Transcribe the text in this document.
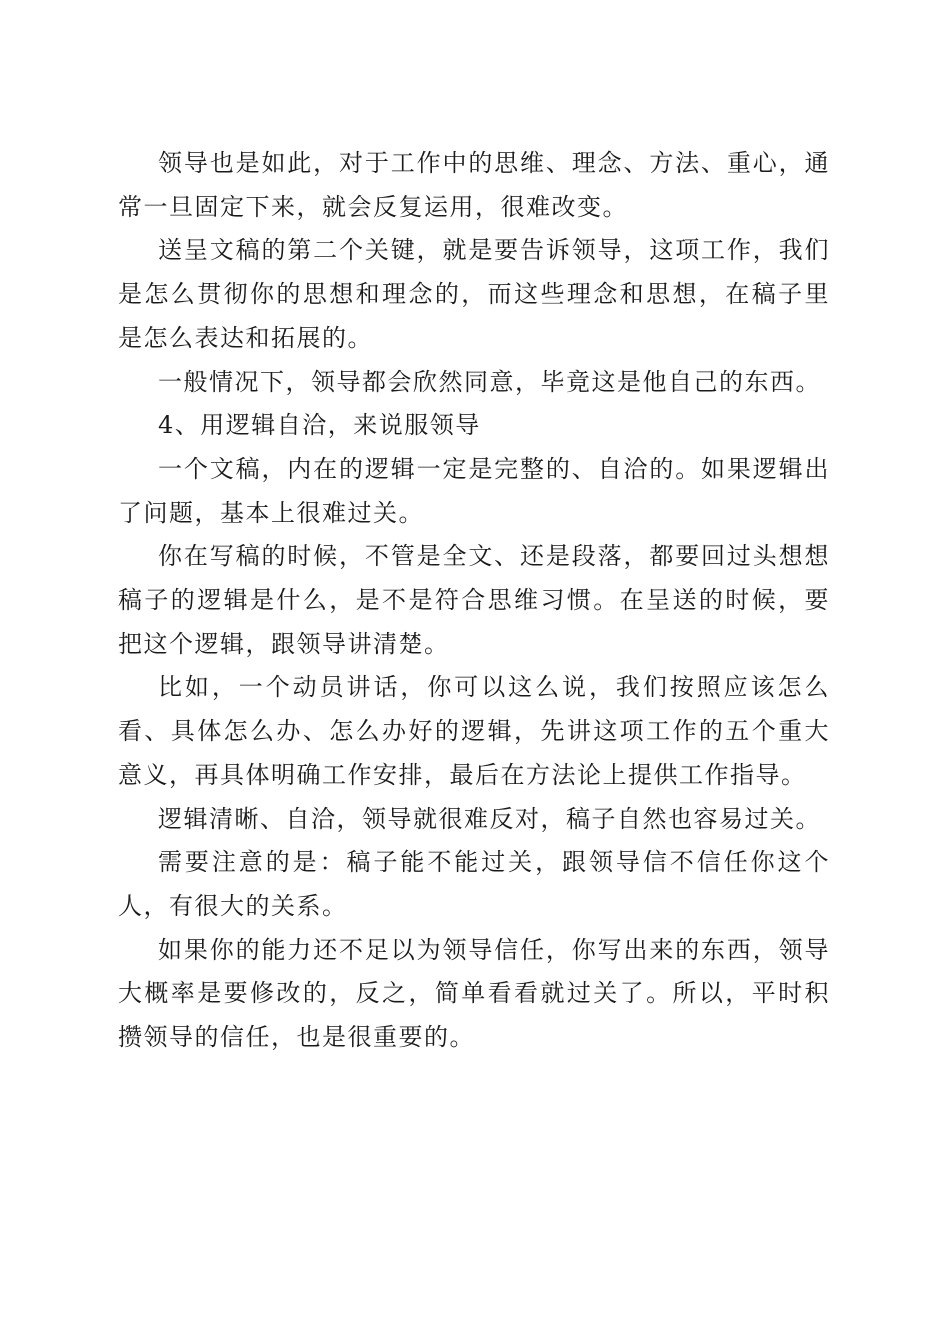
领导也是如此，对于工作中的思维、理念、方法、重心，通常一旦固定下来，就会反复运用，很难改变。

送呈文稿的第二个关键，就是要告诉领导，这项工作，我们是怎么贯彻你的思想和理念的，而这些理念和思想，在稿子里是怎么表达和拓展的。

一般情况下，领导都会欣然同意，毕竟这是他自己的东西。

4、用逻辑自洽，来说服领导

一个文稿，内在的逻辑一定是完整的、自洽的。如果逻辑出了问题，基本上很难过关。

你在写稿的时候，不管是全文、还是段落，都要回过头想想稿子的逻辑是什么，是不是符合思维习惯。在呈送的时候，要把这个逻辑，跟领导讲清楚。

比如，一个动员讲话，你可以这么说，我们按照应该怎么看、具体怎么办、怎么办好的逻辑，先讲这项工作的五个重大意义，再具体明确工作安排，最后在方法论上提供工作指导。

逻辑清晰、自洽，领导就很难反对，稿子自然也容易过关。

需要注意的是：稿子能不能过关，跟领导信不信任你这个人，有很大的关系。

如果你的能力还不足以为领导信任，你写出来的东西，领导大概率是要修改的，反之，简单看看就过关了。所以，平时积攒领导的信任，也是很重要的。
